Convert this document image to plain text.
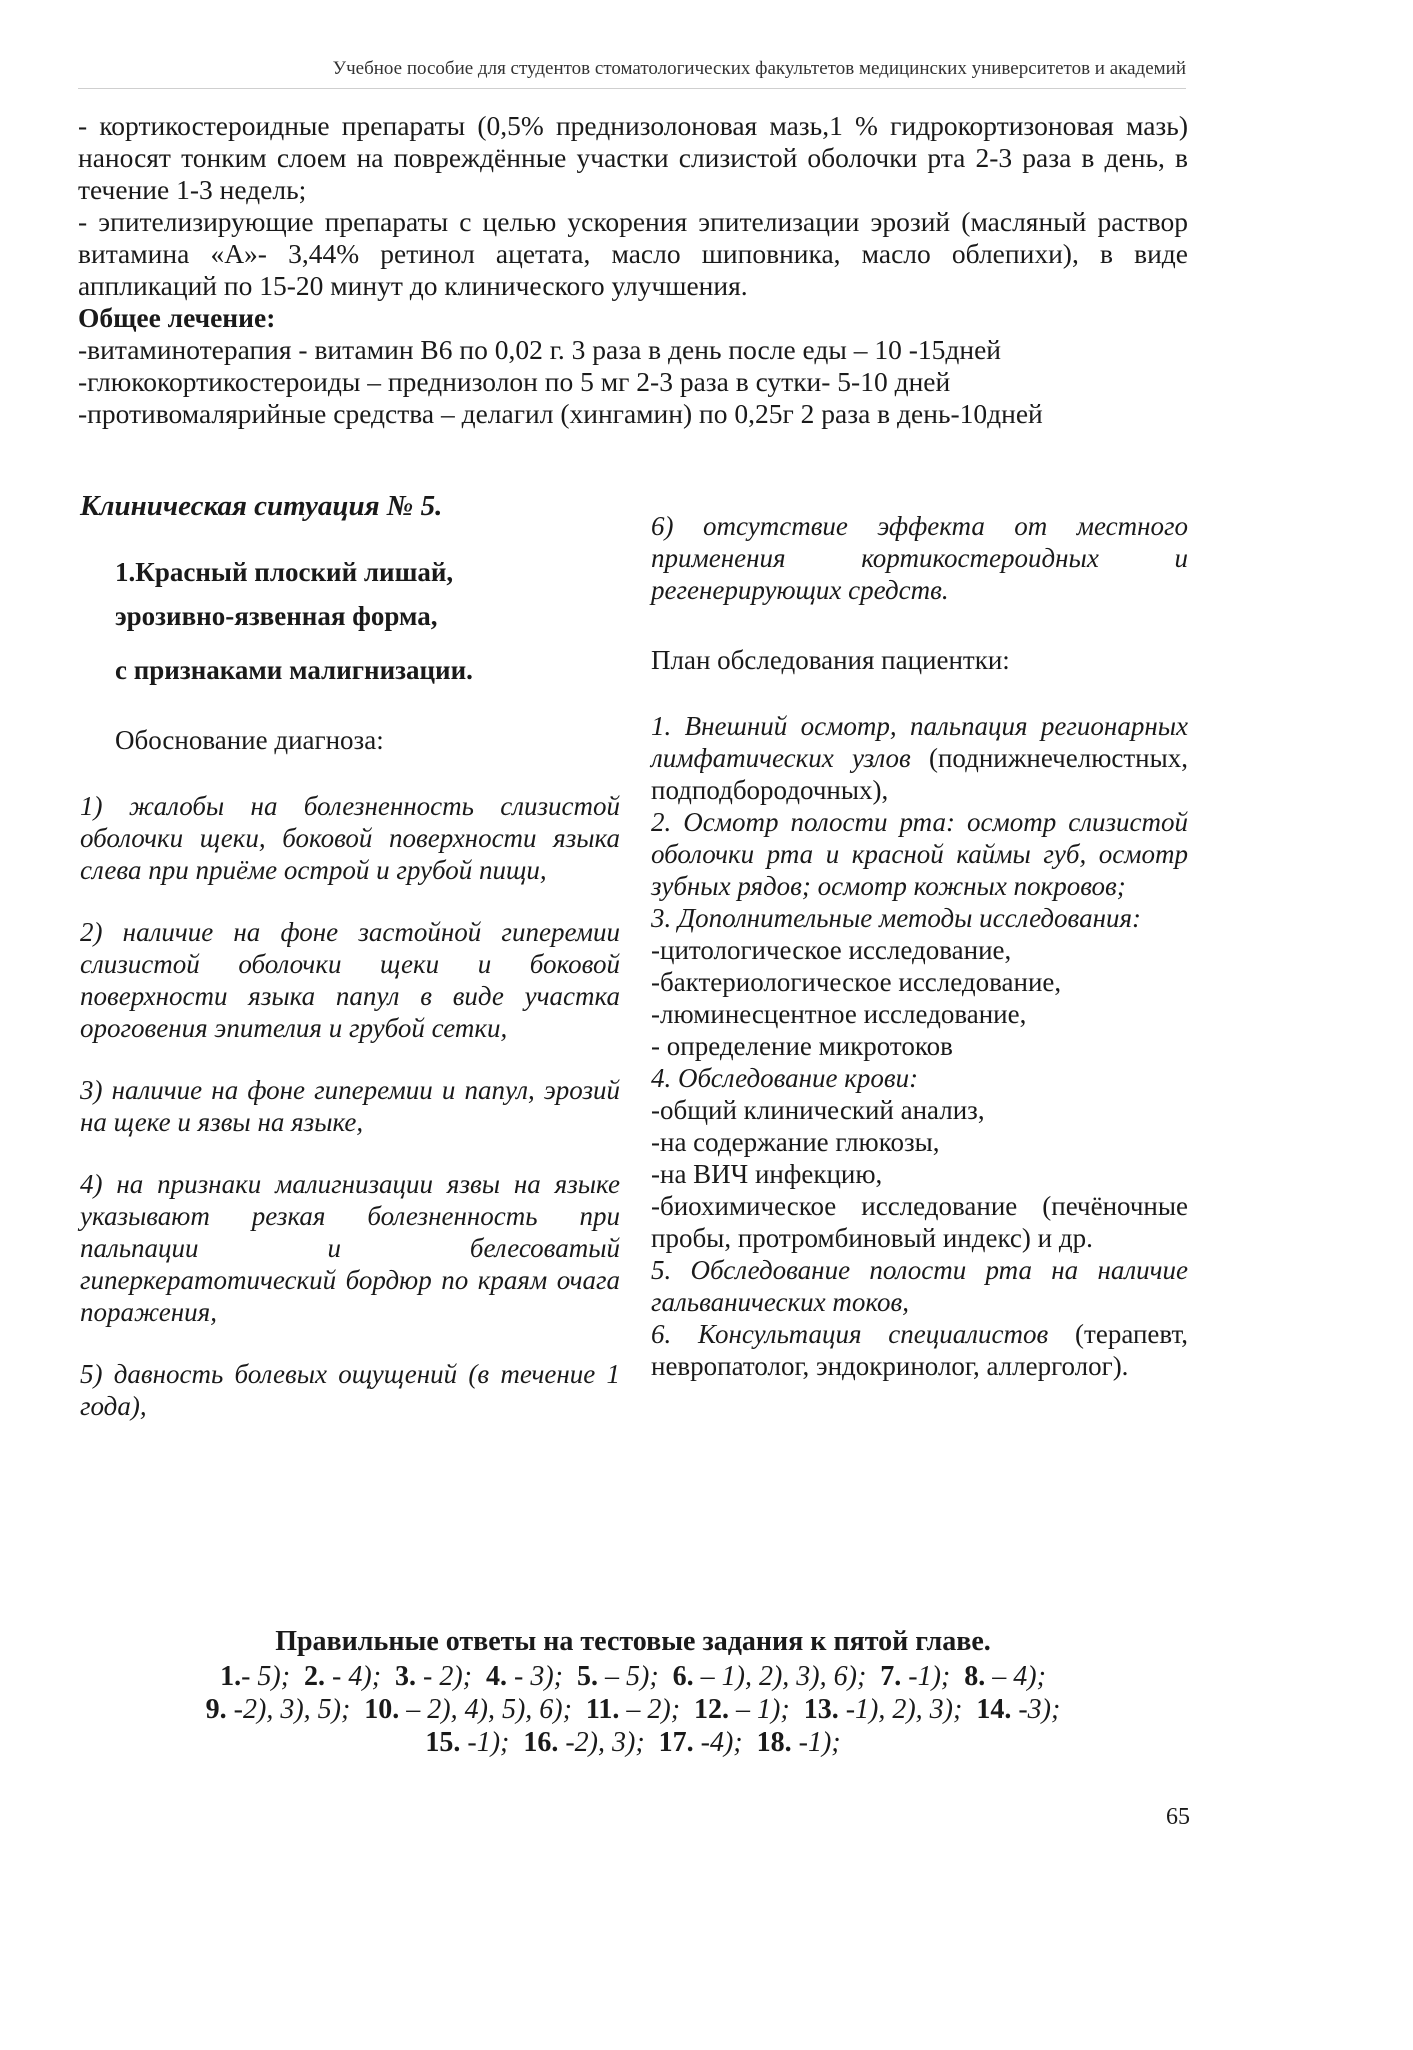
Учебное пособие для студентов стоматологических факультетов медицинских университетов и академий

- кортикостероидные препараты (0,5% преднизолоновая мазь,1 % гидрокортизоновая мазь) наносят тонким слоем на повреждённые участки слизистой оболочки рта 2-3 раза в день, в течение 1-3 недель;

- эпителизирующие препараты с целью ускорения эпителизации эрозий (масляный раствор витамина «А»- 3,44% ретинол ацетата, масло шиповника, масло облепихи), в виде аппликаций по 15-20 минут до клинического улучшения.

Общее лечение:

-витаминотерапия - витамин В6 по 0,02 г. 3 раза в день после еды – 10 -15дней

-глюкокортикостероиды – преднизолон по 5 мг 2-3 раза в сутки- 5-10 дней

-противомалярийные средства – делагил (хингамин) по 0,25г 2 раза в день-10дней

Клиническая ситуация № 5.

1.Красный плоский лишай,

эрозивно-язвенная форма,

с признаками малигнизации.

Обоснование диагноза:

1) жалобы на болезненность слизистой оболочки щеки, боковой поверхности языка слева при приёме острой и грубой пищи,

2) наличие на фоне застойной гиперемии слизистой оболочки щеки и боковой поверхности языка папул в виде участка ороговения эпителия и грубой сетки,

3) наличие на фоне гиперемии и папул, эрозий на щеке и язвы на языке,

4) на признаки малигнизации язвы на языке указывают резкая болезненность при пальпации и белесоватый гиперкератотический бордюр по краям очага поражения,

5) давность болевых ощущений (в течение 1 года),

6) отсутствие эффекта от местного применения кортикостероидных и регенерирующих средств.

План обследования пациентки:

1. Внешний осмотр, пальпация регионарных лимфатических узлов (поднижнечелюстных, подподбородочных),

2. Осмотр полости рта: осмотр слизистой оболочки рта и красной каймы губ, осмотр зубных рядов; осмотр кожных покровов;

3. Дополнительные методы исследования:

-цитологическое исследование,

-бактериологическое исследование,

-люминесцентное исследование,

- определение микротоков

4. Обследование крови:

-общий клинический анализ,

-на содержание глюкозы,

-на ВИЧ инфекцию,

-биохимическое исследование (печёночные пробы, протромбиновый индекс) и др.

5. Обследование полости рта на наличие гальванических токов,

6. Консультация специалистов (терапевт, невропатолог, эндокринолог, аллерголог).

Правильные ответы на тестовые задания к пятой главе.

1.- 5); 2. - 4); 3. - 2); 4. - 3); 5. – 5); 6. – 1), 2), 3), 6); 7. -1); 8. – 4);

9. -2), 3), 5); 10. – 2), 4), 5), 6); 11. – 2); 12. – 1); 13. -1), 2), 3); 14. -3);

15. -1); 16. -2), 3); 17. -4); 18. -1);

65
